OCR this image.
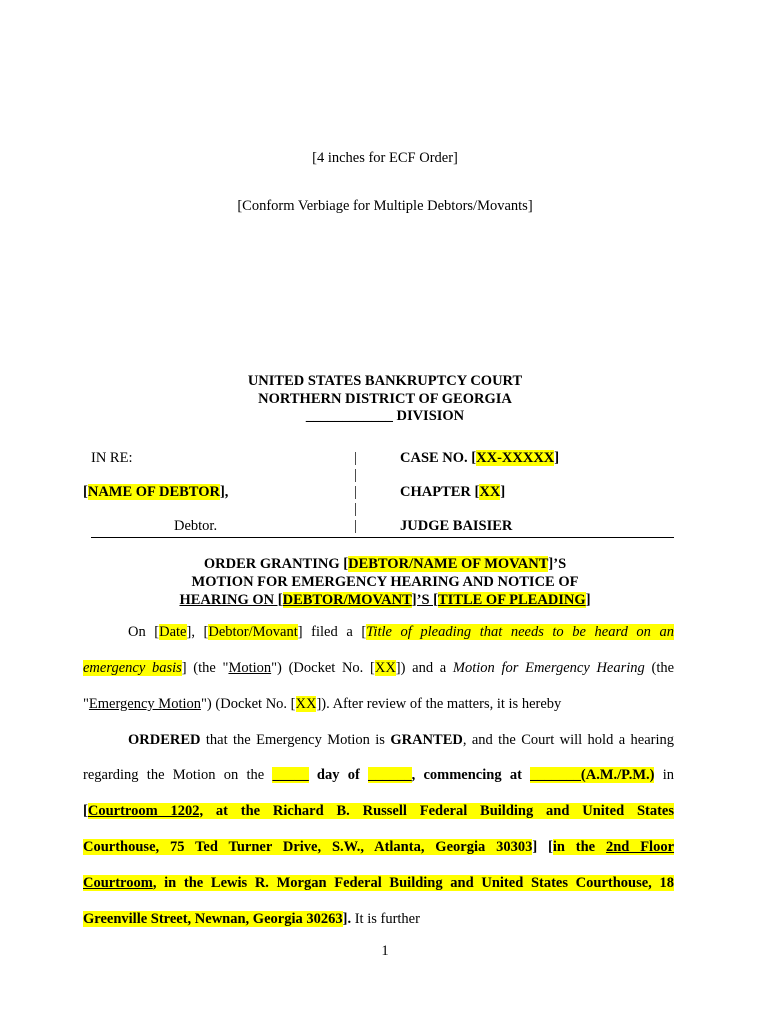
[4 inches for ECF Order]
[Conform Verbiage for Multiple Debtors/Movants]
UNITED STATES BANKRUPTCY COURT
NORTHERN DISTRICT OF GEORGIA
____________ DIVISION
IN RE:
[NAME OF DEBTOR],
Debtor.
|
|
|
|
|
CASE NO. [XX-XXXXX]
CHAPTER [XX]
JUDGE BAISIER
ORDER GRANTING [DEBTOR/NAME OF MOVANT]’S
MOTION FOR EMERGENCY HEARING AND NOTICE OF
HEARING ON [DEBTOR/MOVANT]’S [TITLE OF PLEADING]
On [Date], [Debtor/Movant] filed a [Title of pleading that needs to be heard on an
emergency basis] (the "Motion") (Docket No. [XX]) and a Motion for Emergency Hearing (the
"Emergency Motion") (Docket No. [XX]). After review of the matters, it is hereby
ORDERED that the Emergency Motion is GRANTED, and the Court will hold a hearing
regarding the Motion on the _____ day of ______, commencing at _______(A.M./P.M.) in
[Courtroom 1202, at the Richard B. Russell Federal Building and United States
Courthouse, 75 Ted Turner Drive, S.W., Atlanta, Georgia 30303] [in the 2nd Floor
Courtroom, in the Lewis R. Morgan Federal Building and United States Courthouse, 18
Greenville Street, Newnan, Georgia 30263]. It is further
1
